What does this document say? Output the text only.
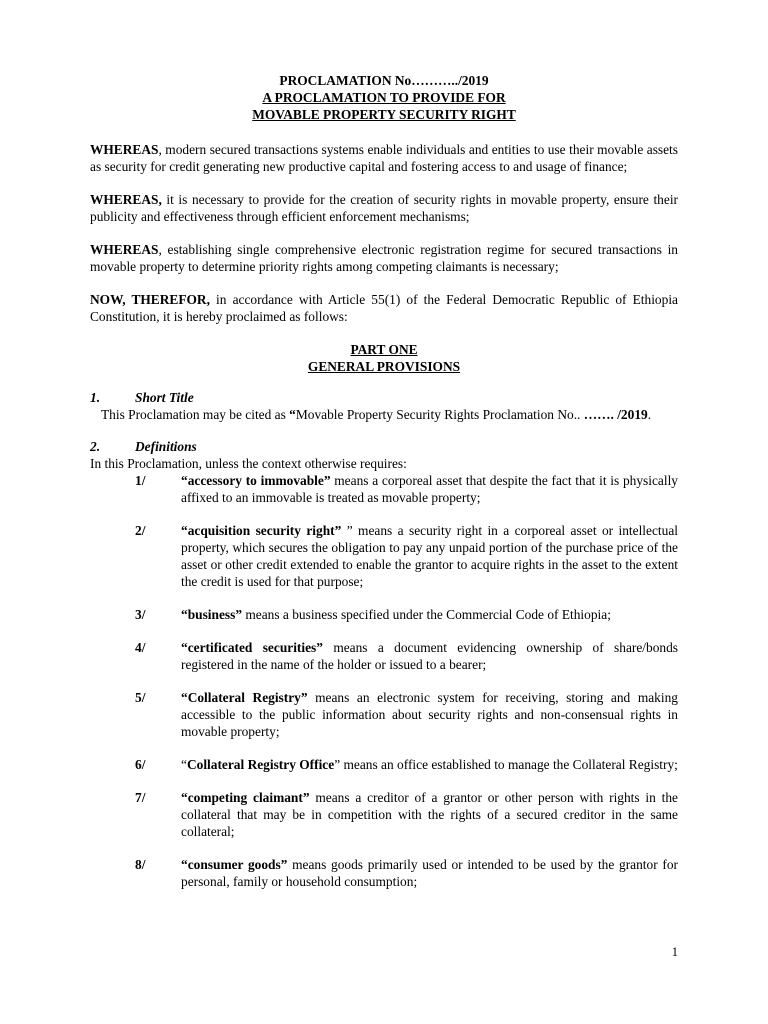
PROCLAMATION No………../2019

A PROCLAMATION TO PROVIDE FOR

MOVABLE PROPERTY SECURITY RIGHT

WHEREAS, modern secured transactions systems enable individuals and entities to use their movable assets as security for credit generating new productive capital and fostering access to and usage of finance;

WHEREAS, it is necessary to provide for the creation of security rights in movable property, ensure their publicity and effectiveness through efficient enforcement mechanisms;

WHEREAS, establishing single comprehensive electronic registration regime for secured transactions in movable property to determine priority rights among competing claimants is necessary;

NOW, THEREFOR, in accordance with Article 55(1) of the Federal Democratic Republic of Ethiopia Constitution, it is hereby proclaimed as follows:

PART ONE

GENERAL PROVISIONS

1.	Short Title

This Proclamation may be cited as “Movable Property Security Rights Proclamation No.. ……. /2019.

2.	Definitions

In this Proclamation, unless the context otherwise requires:

1/	“accessory to immovable” means a corporeal asset that despite the fact that it is physically affixed to an immovable is treated as movable property;
2/	“acquisition security right” ” means a security right in a corporeal asset or intellectual property, which secures the obligation to pay any unpaid portion of the purchase price of the asset or other credit extended to enable the grantor to acquire rights in the asset to the extent the credit is used for that purpose;
3/	“business” means a business specified under the Commercial Code of Ethiopia;
4/	“certificated securities” means a document evidencing ownership of share/bonds registered in the name of the holder or issued to a bearer;
5/	“Collateral Registry” means an electronic system for receiving, storing and making accessible to the public information about security rights and non-consensual rights in movable property;
6/	“Collateral Registry Office” means an office established to manage the Collateral Registry;
7/	“competing claimant” means a creditor of a grantor or other person with rights in the collateral that may be in competition with the rights of a secured creditor in the same collateral;
8/	“consumer goods” means goods primarily used or intended to be used by the grantor for personal, family or household consumption;
1
